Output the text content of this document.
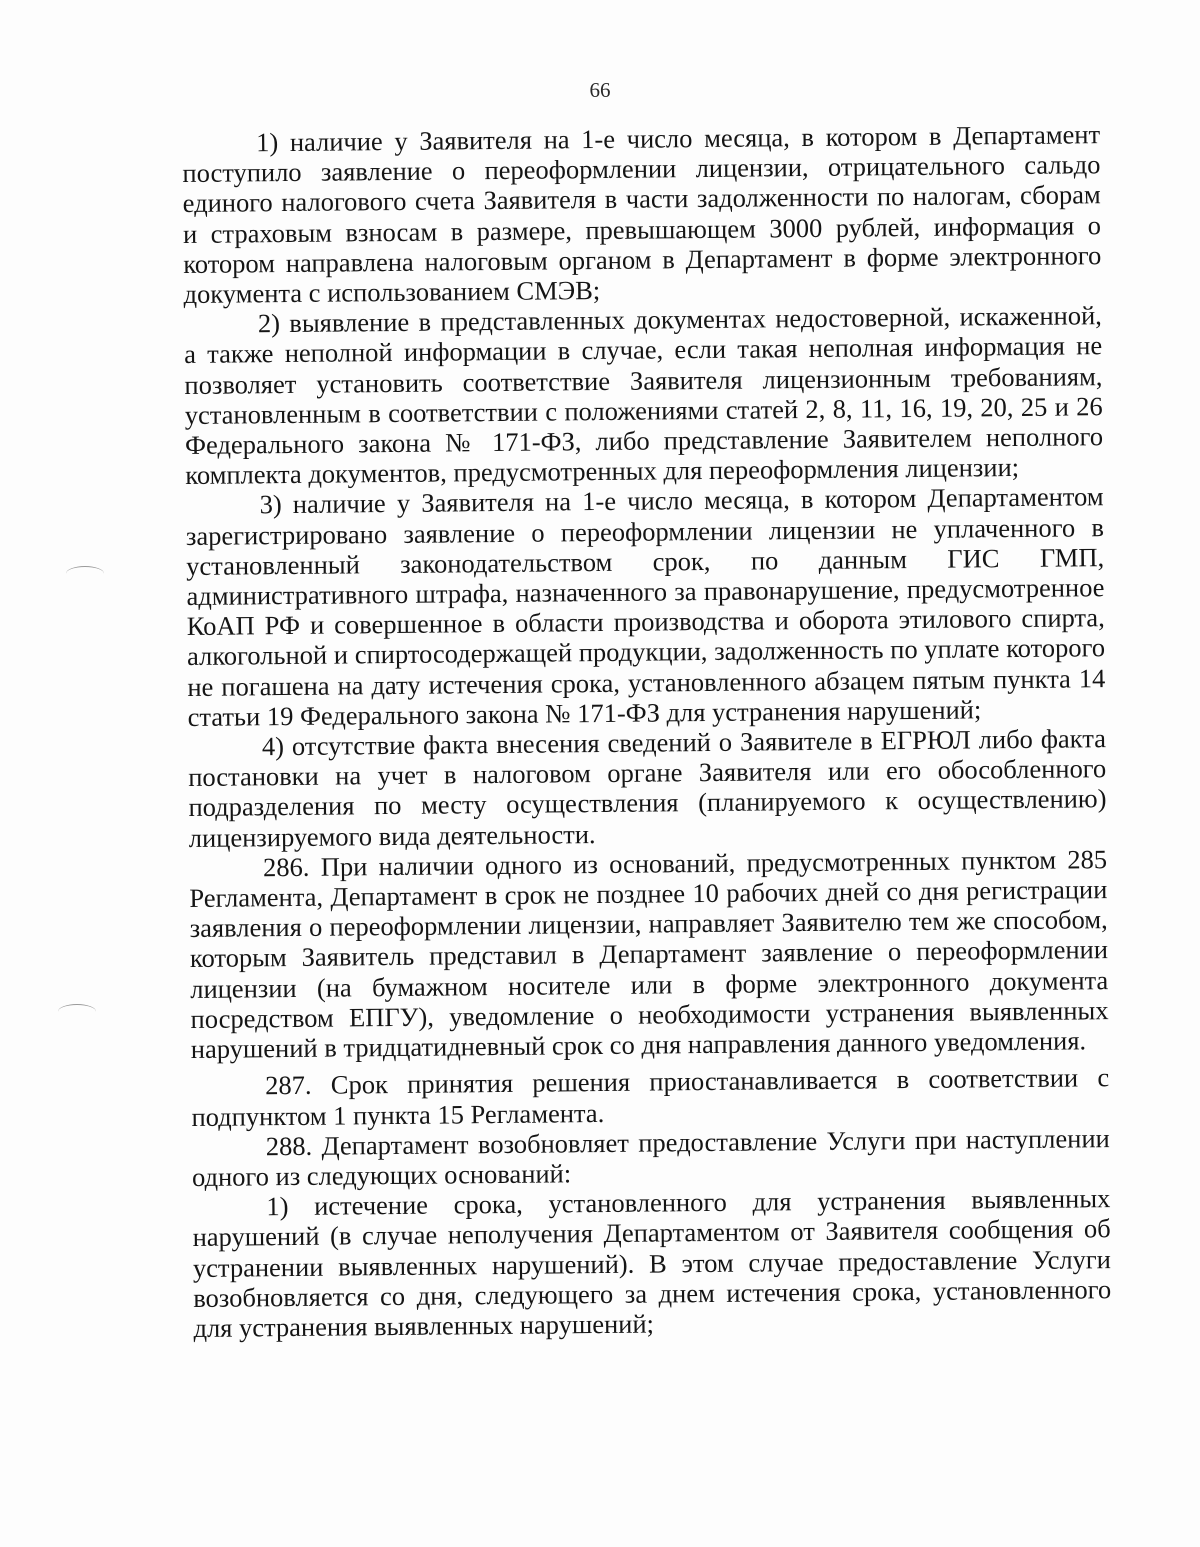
66

1) наличие у Заявителя на 1-е число месяца, в котором в Департамент поступило заявление о переоформлении лицензии, отрицательного сальдо единого налогового счета Заявителя в части задолженности по налогам, сборам и страховым взносам в размере, превышающем 3000 рублей, информация о котором направлена налоговым органом в Департамент в форме электронного документа с использованием СМЭВ;

2) выявление в представленных документах недостоверной, искаженной, а также неполной информации в случае, если такая неполная информация не позволяет установить соответствие Заявителя лицензионным требованиям, установленным в соответствии с положениями статей 2, 8, 11, 16, 19, 20, 25 и 26 Федерального закона № 171-ФЗ, либо представление Заявителем неполного комплекта документов, предусмотренных для переоформления лицензии;

3) наличие у Заявителя на 1-е число месяца, в котором Департаментом зарегистрировано заявление о переоформлении лицензии не уплаченного в установленный законодательством срок, по данным ГИС ГМП, административного штрафа, назначенного за правонарушение, предусмотренное КоАП РФ и совершенное в области производства и оборота этилового спирта, алкогольной и спиртосодержащей продукции, задолженность по уплате которого не погашена на дату истечения срока, установленного абзацем пятым пункта 14 статьи 19 Федерального закона № 171-ФЗ для устранения нарушений;

4) отсутствие факта внесения сведений о Заявителе в ЕГРЮЛ либо факта постановки на учет в налоговом органе Заявителя или его обособленного подразделения по месту осуществления (планируемого к осуществлению) лицензируемого вида деятельности.

286. При наличии одного из оснований, предусмотренных пунктом 285 Регламента, Департамент в срок не позднее 10 рабочих дней со дня регистрации заявления о переоформлении лицензии, направляет Заявителю тем же способом, которым Заявитель представил в Департамент заявление о переоформлении лицензии (на бумажном носителе или в форме электронного документа посредством ЕПГУ), уведомление о необходимости устранения выявленных нарушений в тридцатидневный срок со дня направления данного уведомления.

287. Срок принятия решения приостанавливается в соответствии с подпунктом 1 пункта 15 Регламента.

288. Департамент возобновляет предоставление Услуги при наступлении одного из следующих оснований:

1) истечение срока, установленного для устранения выявленных нарушений (в случае неполучения Департаментом от Заявителя сообщения об устранении выявленных нарушений). В этом случае предоставление Услуги возобновляется со дня, следующего за днем истечения срока, установленного для устранения выявленных нарушений;
